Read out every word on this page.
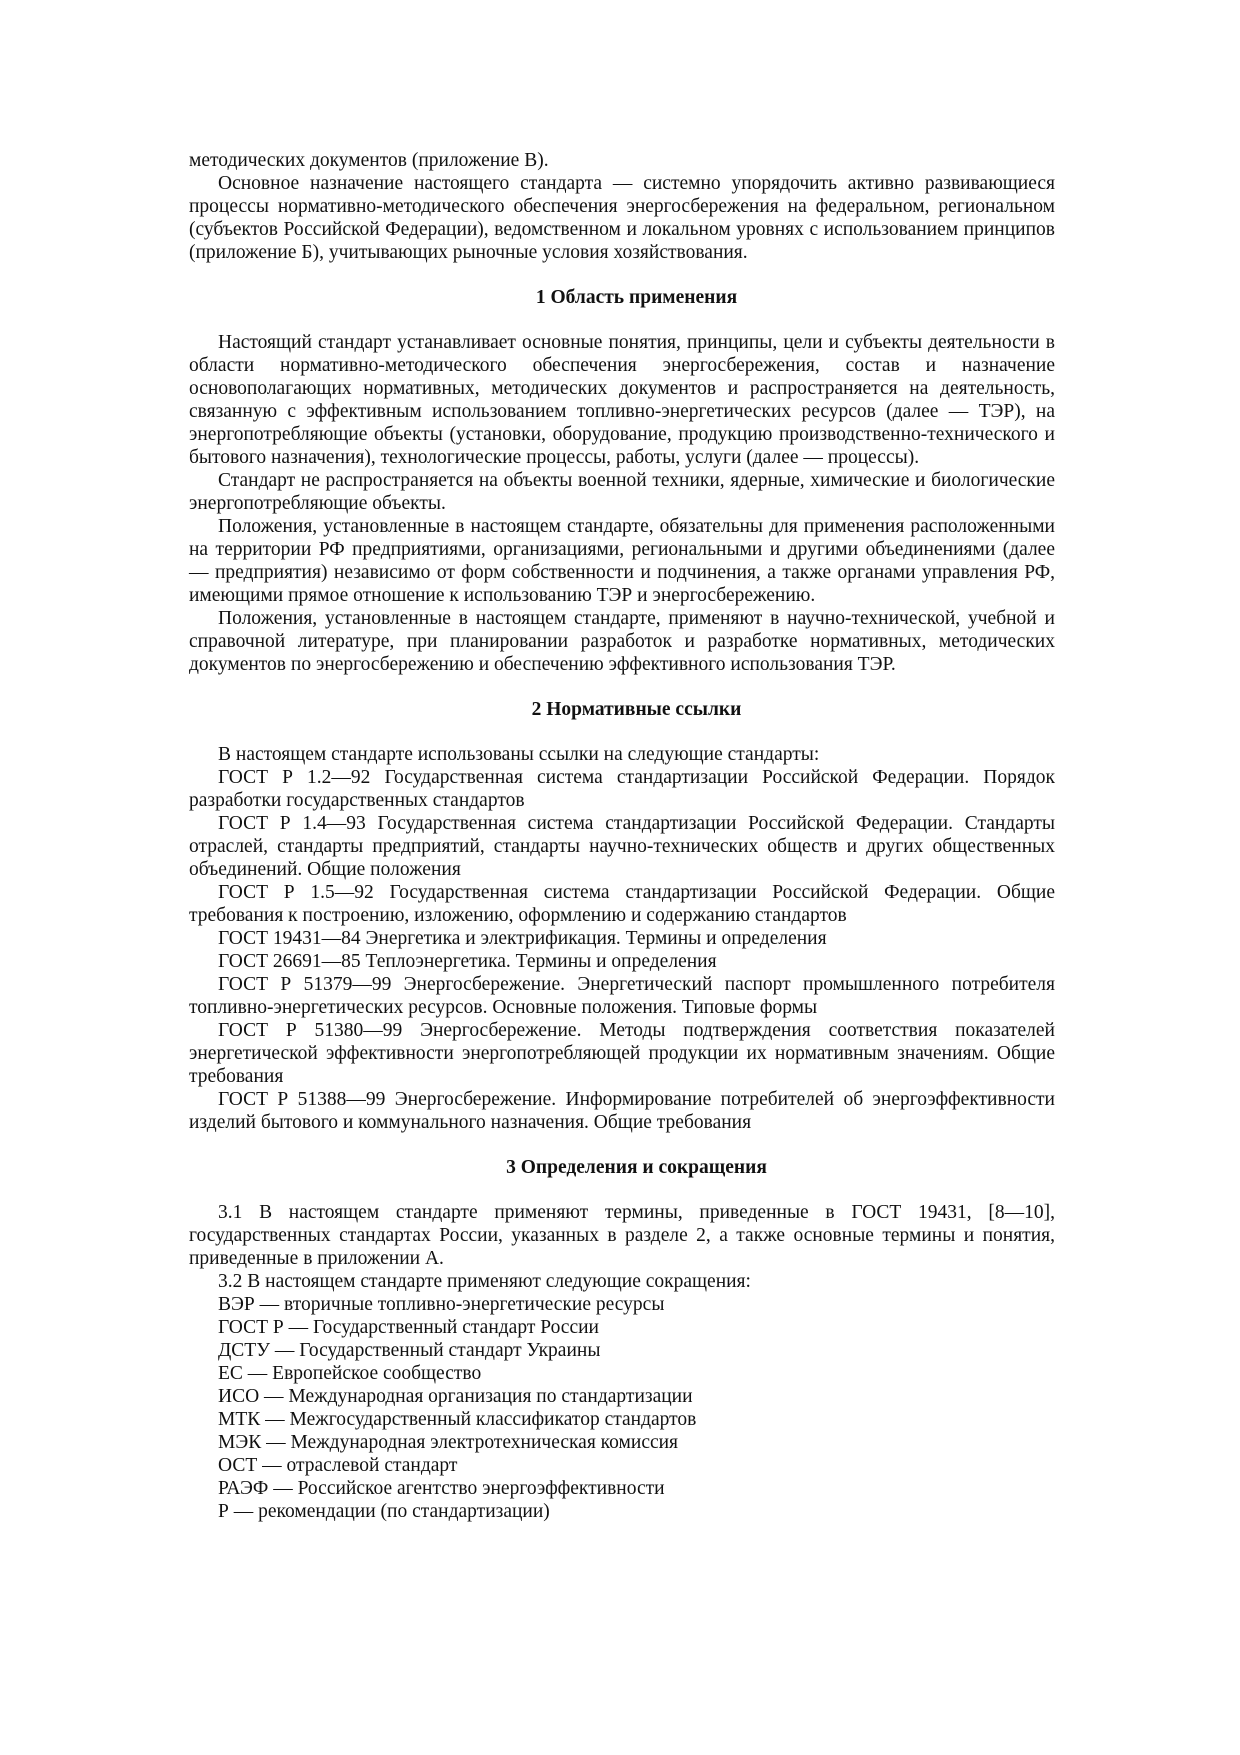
методических документов (приложение В).

Основное назначение настоящего стандарта — системно упорядочить активно развивающиеся процессы нормативно-методического обеспечения энергосбережения на федеральном, региональном (субъектов Российской Федерации), ведомственном и локальном уровнях с использованием принципов (приложение Б), учитывающих рыночные условия хозяйствования.

1 Область применения

Настоящий стандарт устанавливает основные понятия, принципы, цели и субъекты деятельности в области нормативно-методического обеспечения энергосбережения, состав и назначение основополагающих нормативных, методических документов и распространяется на деятельность, связанную с эффективным использованием топливно-энергетических ресурсов (далее — ТЭР), на энергопотребляющие объекты (установки, оборудование, продукцию производственно-технического и бытового назначения), технологические процессы, работы, услуги (далее — процессы).

Стандарт не распространяется на объекты военной техники, ядерные, химические и биологические энергопотребляющие объекты.

Положения, установленные в настоящем стандарте, обязательны для применения расположенными на территории РФ предприятиями, организациями, региональными и другими объединениями (далее — предприятия) независимо от форм собственности и подчинения, а также органами управления РФ, имеющими прямое отношение к использованию ТЭР и энергосбережению.

Положения, установленные в настоящем стандарте, применяют в научно-технической, учебной и справочной литературе, при планировании разработок и разработке нормативных, методических документов по энергосбережению и обеспечению эффективного использования ТЭР.

2 Нормативные ссылки

В настоящем стандарте использованы ссылки на следующие стандарты:

ГОСТ Р 1.2—92 Государственная система стандартизации Российской Федерации. Порядок разработки государственных стандартов

ГОСТ Р 1.4—93 Государственная система стандартизации Российской Федерации. Стандарты отраслей, стандарты предприятий, стандарты научно-технических обществ и других общественных объединений. Общие положения

ГОСТ Р 1.5—92 Государственная система стандартизации Российской Федерации. Общие требования к построению, изложению, оформлению и содержанию стандартов

ГОСТ 19431—84 Энергетика и электрификация. Термины и определения

ГОСТ 26691—85 Теплоэнергетика. Термины и определения

ГОСТ Р 51379—99 Энергосбережение. Энергетический паспорт промышленного потребителя топливно-энергетических ресурсов. Основные положения. Типовые формы

ГОСТ Р 51380—99 Энергосбережение. Методы подтверждения соответствия показателей энергетической эффективности энергопотребляющей продукции их нормативным значениям. Общие требования

ГОСТ Р 51388—99 Энергосбережение. Информирование потребителей об энергоэффективности изделий бытового и коммунального назначения. Общие требования

3 Определения и сокращения

3.1 В настоящем стандарте применяют термины, приведенные в ГОСТ 19431, [8—10], государственных стандартах России, указанных в разделе 2, а также основные термины и понятия, приведенные в приложении А.

3.2 В настоящем стандарте применяют следующие сокращения:

ВЭР — вторичные топливно-энергетические ресурсы

ГОСТ Р — Государственный стандарт России

ДСТУ — Государственный стандарт Украины

ЕС — Европейское сообщество

ИСО — Международная организация по стандартизации

МТК — Межгосударственный классификатор стандартов

МЭК — Международная электротехническая комиссия

ОСТ — отраслевой стандарт

РАЭФ — Российское агентство энергоэффективности

Р — рекомендации (по стандартизации)
